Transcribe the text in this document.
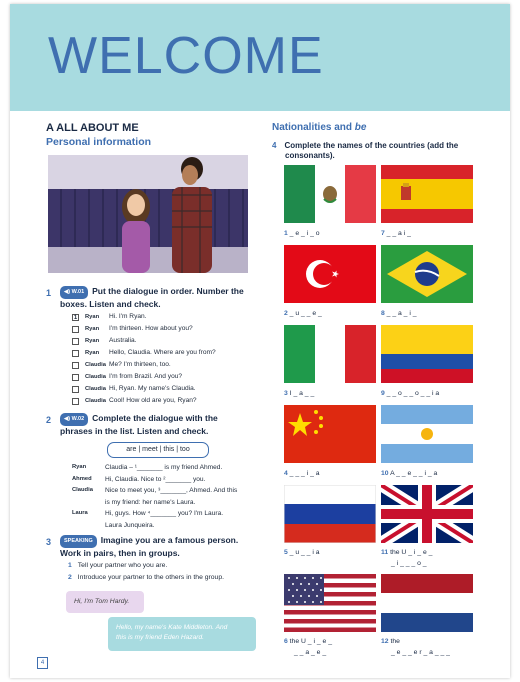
WELCOME
A ALL ABOUT ME
Personal information
1	◀) W.01 Put the dialogue in order. Number the boxes. Listen and check.
1	Ryan	Hi. I'm Ryan.
Ryan	I'm thirteen. How about you?
Ryan	Australia.
Ryan	Hello, Claudia. Where are you from?
Claudia Me? I'm thirteen, too.
Claudia I'm from Brazil. And you?
Claudia Hi, Ryan. My name's Claudia.
Claudia Cool! How old are you, Ryan?
2	◀) W.02 Complete the dialogue with the phrases in the list. Listen and check.
are | meet | this | too
Ryan	Claudia – ¹_______ is my friend Ahmed.
Ahmed	Hi, Claudia. Nice to ²_______ you.
Claudia	Nice to meet you, ³_______, Ahmed. And this
is my friend: her name's Laura.
Laura	Hi, guys. How ⁴_______ you? I'm Laura.
Laura Junqueira.
3	SPEAKING Imagine you are a famous person. Work in pairs, then in groups.
1 Tell your partner who you are.
2 Introduce your partner to the others in the group.
Hi, I'm Tom Hardy.
Hello, my name's Kate Middleton. And
this is my friend Eden Hazard.
4
Nationalities and be
4 Complete the names of the countries (add the
consonants).
1 _ e _ i _ o	7 _ _ a i _
2 _ u _ _ e _	8 _ _ a _ i _
3 I _ a _ _	9 _ _ o _ _ o _ _ i a
4 _ _ _ i _ a	10 A _ _ e _ _ i _ a
5 _ u _ _ i a	11 the U _ i _ e _
_ i _ _ _ o _
6 the U _ i _ e _
_ _ a _ e _
12 the
_ e _ _ e r _ a _ _ _
